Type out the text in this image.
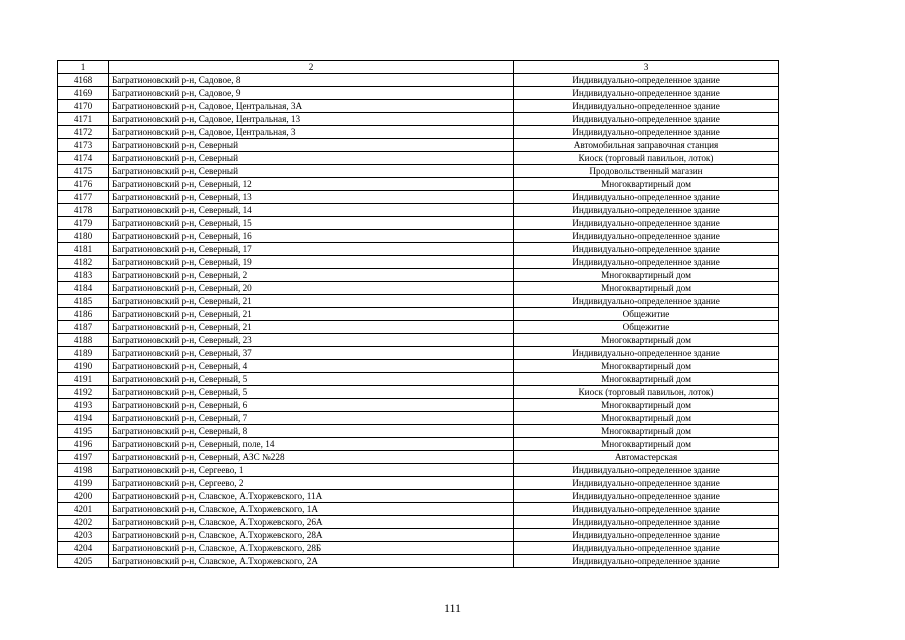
1	2	3
4168	Багратионовский р-н, Садовое, 8	Индивидуально-определенное здание
4169	Багратионовский р-н, Садовое, 9	Индивидуально-определенное здание
4170	Багратионовский р-н, Садовое, Центральная, 3А	Индивидуально-определенное здание
4171	Багратионовский р-н, Садовое, Центральная, 13	Индивидуально-определенное здание
4172	Багратионовский р-н, Садовое, Центральная, 3	Индивидуально-определенное здание
4173	Багратионовский р-н, Северный	Автомобильная заправочная станция
4174	Багратионовский р-н, Северный	Киоск (торговый павильон, лоток)
4175	Багратионовский р-н, Северный	Продовольственный магазин
4176	Багратионовский р-н, Северный, 12	Многоквартирный дом
4177	Багратионовский р-н, Северный, 13	Индивидуально-определенное здание
4178	Багратионовский р-н, Северный, 14	Индивидуально-определенное здание
4179	Багратионовский р-н, Северный, 15	Индивидуально-определенное здание
4180	Багратионовский р-н, Северный, 16	Индивидуально-определенное здание
4181	Багратионовский р-н, Северный, 17	Индивидуально-определенное здание
4182	Багратионовский р-н, Северный, 19	Индивидуально-определенное здание
4183	Багратионовский р-н, Северный, 2	Многоквартирный дом
4184	Багратионовский р-н, Северный, 20	Многоквартирный дом
4185	Багратионовский р-н, Северный, 21	Индивидуально-определенное здание
4186	Багратионовский р-н, Северный, 21	Общежитие
4187	Багратионовский р-н, Северный, 21	Общежитие
4188	Багратионовский р-н, Северный, 23	Многоквартирный дом
4189	Багратионовский р-н, Северный, 37	Индивидуально-определенное здание
4190	Багратионовский р-н, Северный, 4	Многоквартирный дом
4191	Багратионовский р-н, Северный, 5	Многоквартирный дом
4192	Багратионовский р-н, Северный, 5	Киоск (торговый павильон, лоток)
4193	Багратионовский р-н, Северный, 6	Многоквартирный дом
4194	Багратионовский р-н, Северный, 7	Многоквартирный дом
4195	Багратионовский р-н, Северный, 8	Многоквартирный дом
4196	Багратионовский р-н, Северный, поле, 14	Многоквартирный дом
4197	Багратионовский р-н, Северный, АЗС №228	Автомастерская
4198	Багратионовский р-н, Сергеево, 1	Индивидуально-определенное здание
4199	Багратионовский р-н, Сергеево, 2	Индивидуально-определенное здание
4200	Багратионовский р-н, Славское, А.Тхоржевского, 11А	Индивидуально-определенное здание
4201	Багратионовский р-н, Славское, А.Тхоржевского, 1А	Индивидуально-определенное здание
4202	Багратионовский р-н, Славское, А.Тхоржевского, 26А	Индивидуально-определенное здание
4203	Багратионовский р-н, Славское, А.Тхоржевского, 28А	Индивидуально-определенное здание
4204	Багратионовский р-н, Славское, А.Тхоржевского, 28Б	Индивидуально-определенное здание
4205	Багратионовский р-н, Славское, А.Тхоржевского, 2А	Индивидуально-определенное здание
111
